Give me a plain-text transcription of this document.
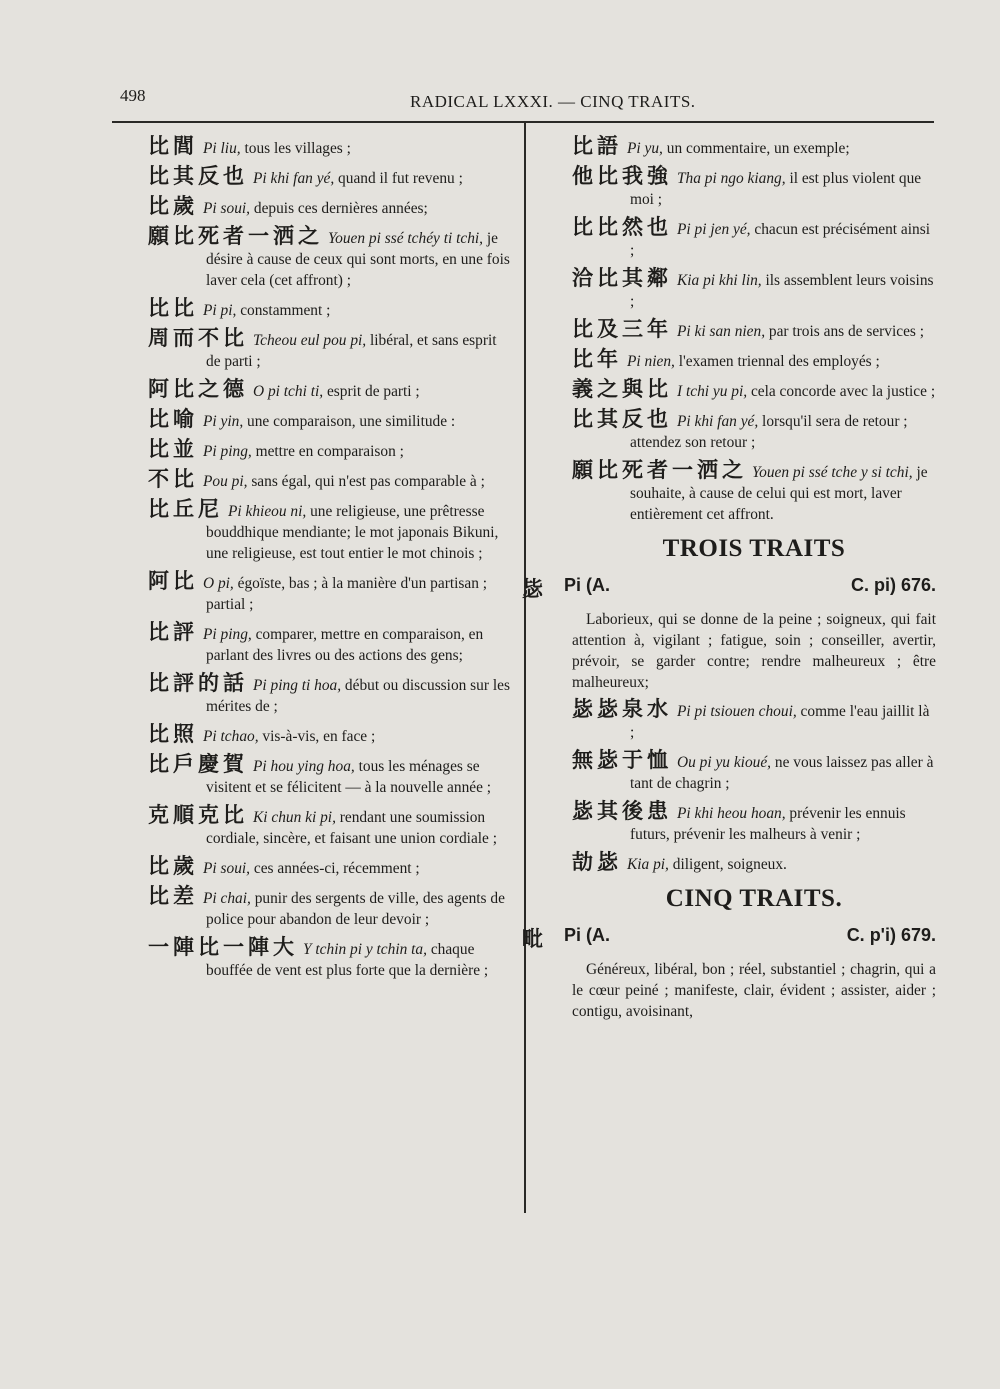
498	RADICAL LXXXI. — CINQ TRAITS.
比閭 Pi liu, tous les villages ;
比其反也 Pi khi fan yé, quand il fut revenu ;
比歲 Pi soui, depuis ces dernières années;
願比死者一洒之 Youen pi ssé tchéy ti tchi, je désire à cause de ceux qui sont morts, en une fois laver cela (cet affront) ;
比比 Pi pi, constamment ;
周而不比 Tcheou eul pou pi, libéral, et sans esprit de parti ;
阿比之德 O pi tchi ti, esprit de parti ;
比喻 Pi yin, une comparaison, une similitude :
比並 Pi ping, mettre en comparaison ;
不比 Pou pi, sans égal, qui n'est pas comparable à ;
比丘尼 Pi khieou ni, une religieuse, une prêtresse bouddhique mendiante; le mot japonais Bikuni, une religieuse, est tout entier le mot chinois ;
阿比 O pi, égoïste, bas ; à la manière d'un partisan ; partial ;
比評 Pi ping, comparer, mettre en comparaison, en parlant des livres ou des actions des gens;
比評的話 Pi ping ti hoa, début ou discussion sur les mérites de ;
比照 Pi tchao, vis-à-vis, en face ;
比戶慶賀 Pi hou ying hoa, tous les ménages se visitent et se félicitent — à la nouvelle année ;
克順克比 Ki chun ki pi, rendant une soumission cordiale, sincère, et faisant une union cordiale ;
比歲 Pi soui, ces années-ci, récemment ;
比差 Pi chai, punir des sergents de ville, des agents de police pour abandon de leur devoir ;
一陣比一陣大 Y tchin pi y tchin ta, chaque bouffée de vent est plus forte que la dernière ;
比語 Pi yu, un commentaire, un exemple;
他比我強 Tha pi ngo kiang, il est plus violent que moi ;
比比然也 Pi pi jen yé, chacun est précisément ainsi ;
洽比其鄰 Kia pi khi lin, ils assemblent leurs voisins ;
比及三年 Pi ki san nien, par trois ans de services ;
比年 Pi nien, l'examen triennal des employés ;
義之與比 I tchi yu pi, cela concorde avec la justice ;
比其反也 Pi khi fan yé, lorsqu'il sera de retour ; attendez son retour ;
願比死者一洒之 Youen pi ssé tche y si tchi, je souhaite, à cause de celui qui est mort, laver entièrement cet affront.
TROIS TRAITS
毖 Pi (A.	C. pi) 676.
Laborieux, qui se donne de la peine ; soigneux, qui fait attention à, vigilant ; fatigue, soin ; conseiller, avertir, prévoir, se garder contre; rendre malheureux ; être malheureux;
毖毖泉水 Pi pi tsiouen choui, comme l'eau jaillit là ;
無毖于恤 Ou pi yu kioué, ne vous laissez pas aller à tant de chagrin ;
毖其後患 Pi khi heou hoan, prévenir les ennuis futurs, prévenir les malheurs à venir ;
劼毖 Kia pi, diligent, soigneux.
CINQ TRAITS.
毗 Pi (A.	C. p'i) 679.
Généreux, libéral, bon ; réel, substantiel ; chagrin, qui a le cœur peiné ; manifeste, clair, évident ; assister, aider ; contigu, avoisinant,
